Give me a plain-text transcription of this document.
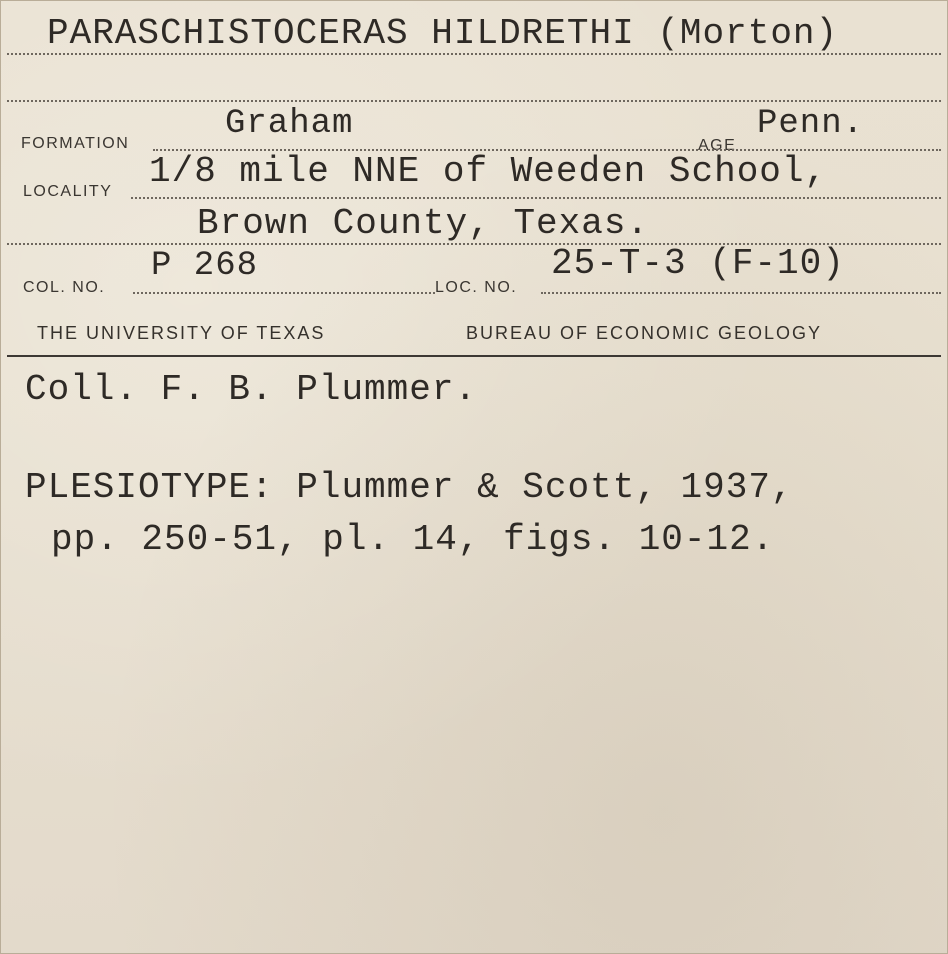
PARASCHISTOCERAS HILDRETHI (Morton)
FORMATION
Graham
AGE
Penn.
LOCALITY 1/8 mile NNE of Weeden School,
Brown County, Texas.
COL. NO.
P 268
LOC. NO.
25-T-3 (F-10)
THE UNIVERSITY OF TEXAS	BUREAU OF ECONOMIC GEOLOGY
Coll. F. B. Plummer.
PLESIOTYPE: Plummer & Scott, 1937,
pp. 250-51, pl. 14, figs. 10-12.
